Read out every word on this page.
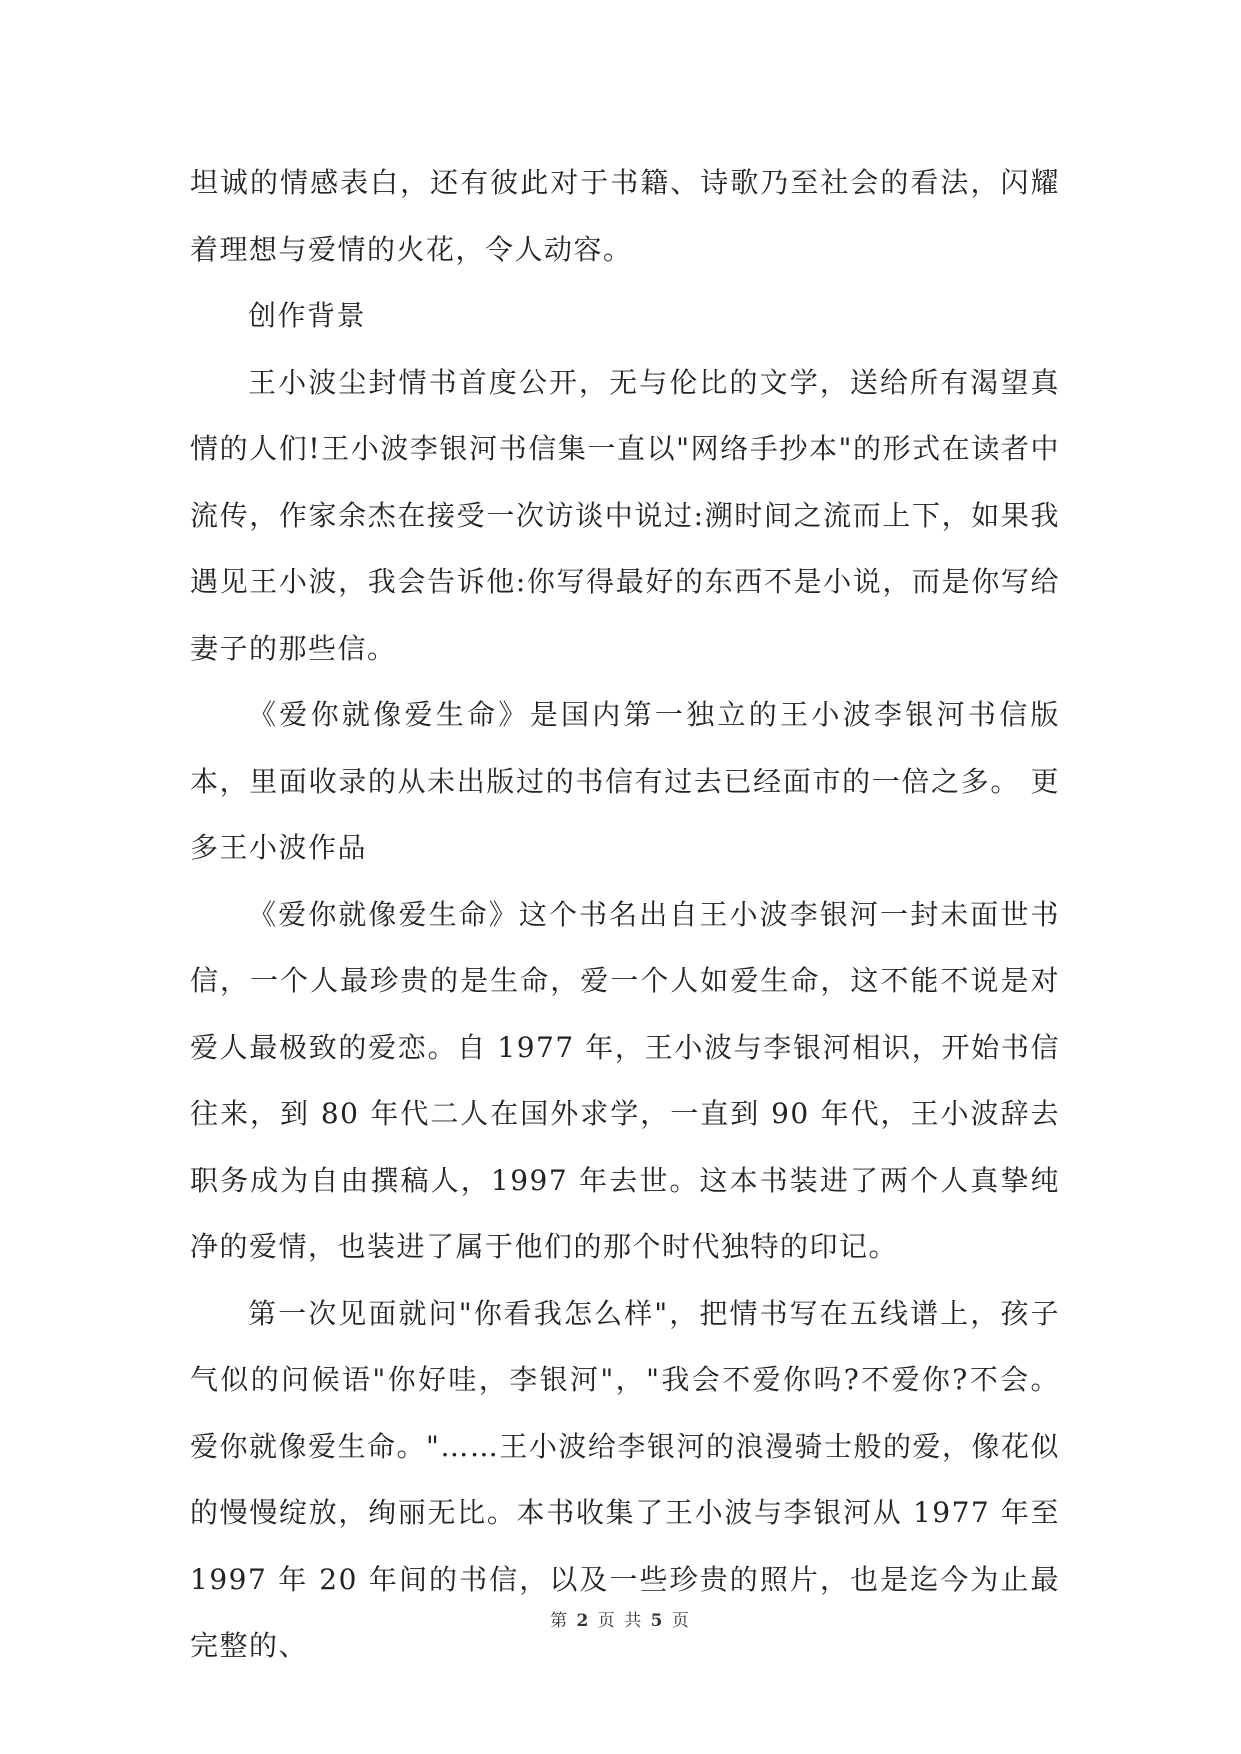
坦诚的情感表白，还有彼此对于书籍、诗歌乃至社会的看法，闪耀着理想与爱情的火花，令人动容。

创作背景

王小波尘封情书首度公开，无与伦比的文学，送给所有渴望真情的人们!王小波李银河书信集一直以"网络手抄本"的形式在读者中流传，作家余杰在接受一次访谈中说过:溯时间之流而上下，如果我遇见王小波，我会告诉他:你写得最好的东西不是小说，而是你写给妻子的那些信。

《爱你就像爱生命》是国内第一独立的王小波李银河书信版本，里面收录的从未出版过的书信有过去已经面市的一倍之多。 更多王小波作品

《爱你就像爱生命》这个书名出自王小波李银河一封未面世书信，一个人最珍贵的是生命，爱一个人如爱生命，这不能不说是对爱人最极致的爱恋。自 1977 年，王小波与李银河相识，开始书信往来，到 80 年代二人在国外求学，一直到 90 年代，王小波辞去职务成为自由撰稿人，1997 年去世。这本书装进了两个人真挚纯净的爱情，也装进了属于他们的那个时代独特的印记。

第一次见面就问"你看我怎么样"，把情书写在五线谱上，孩子气似的问候语"你好哇，李银河"，"我会不爱你吗?不爱你?不会。爱你就像爱生命。"……王小波给李银河的浪漫骑士般的爱，像花似的慢慢绽放，绚丽无比。本书收集了王小波与李银河从 1977 年至 1997 年 20 年间的书信，以及一些珍贵的照片，也是迄今为止最完整的、

第 2 页 共 5 页
